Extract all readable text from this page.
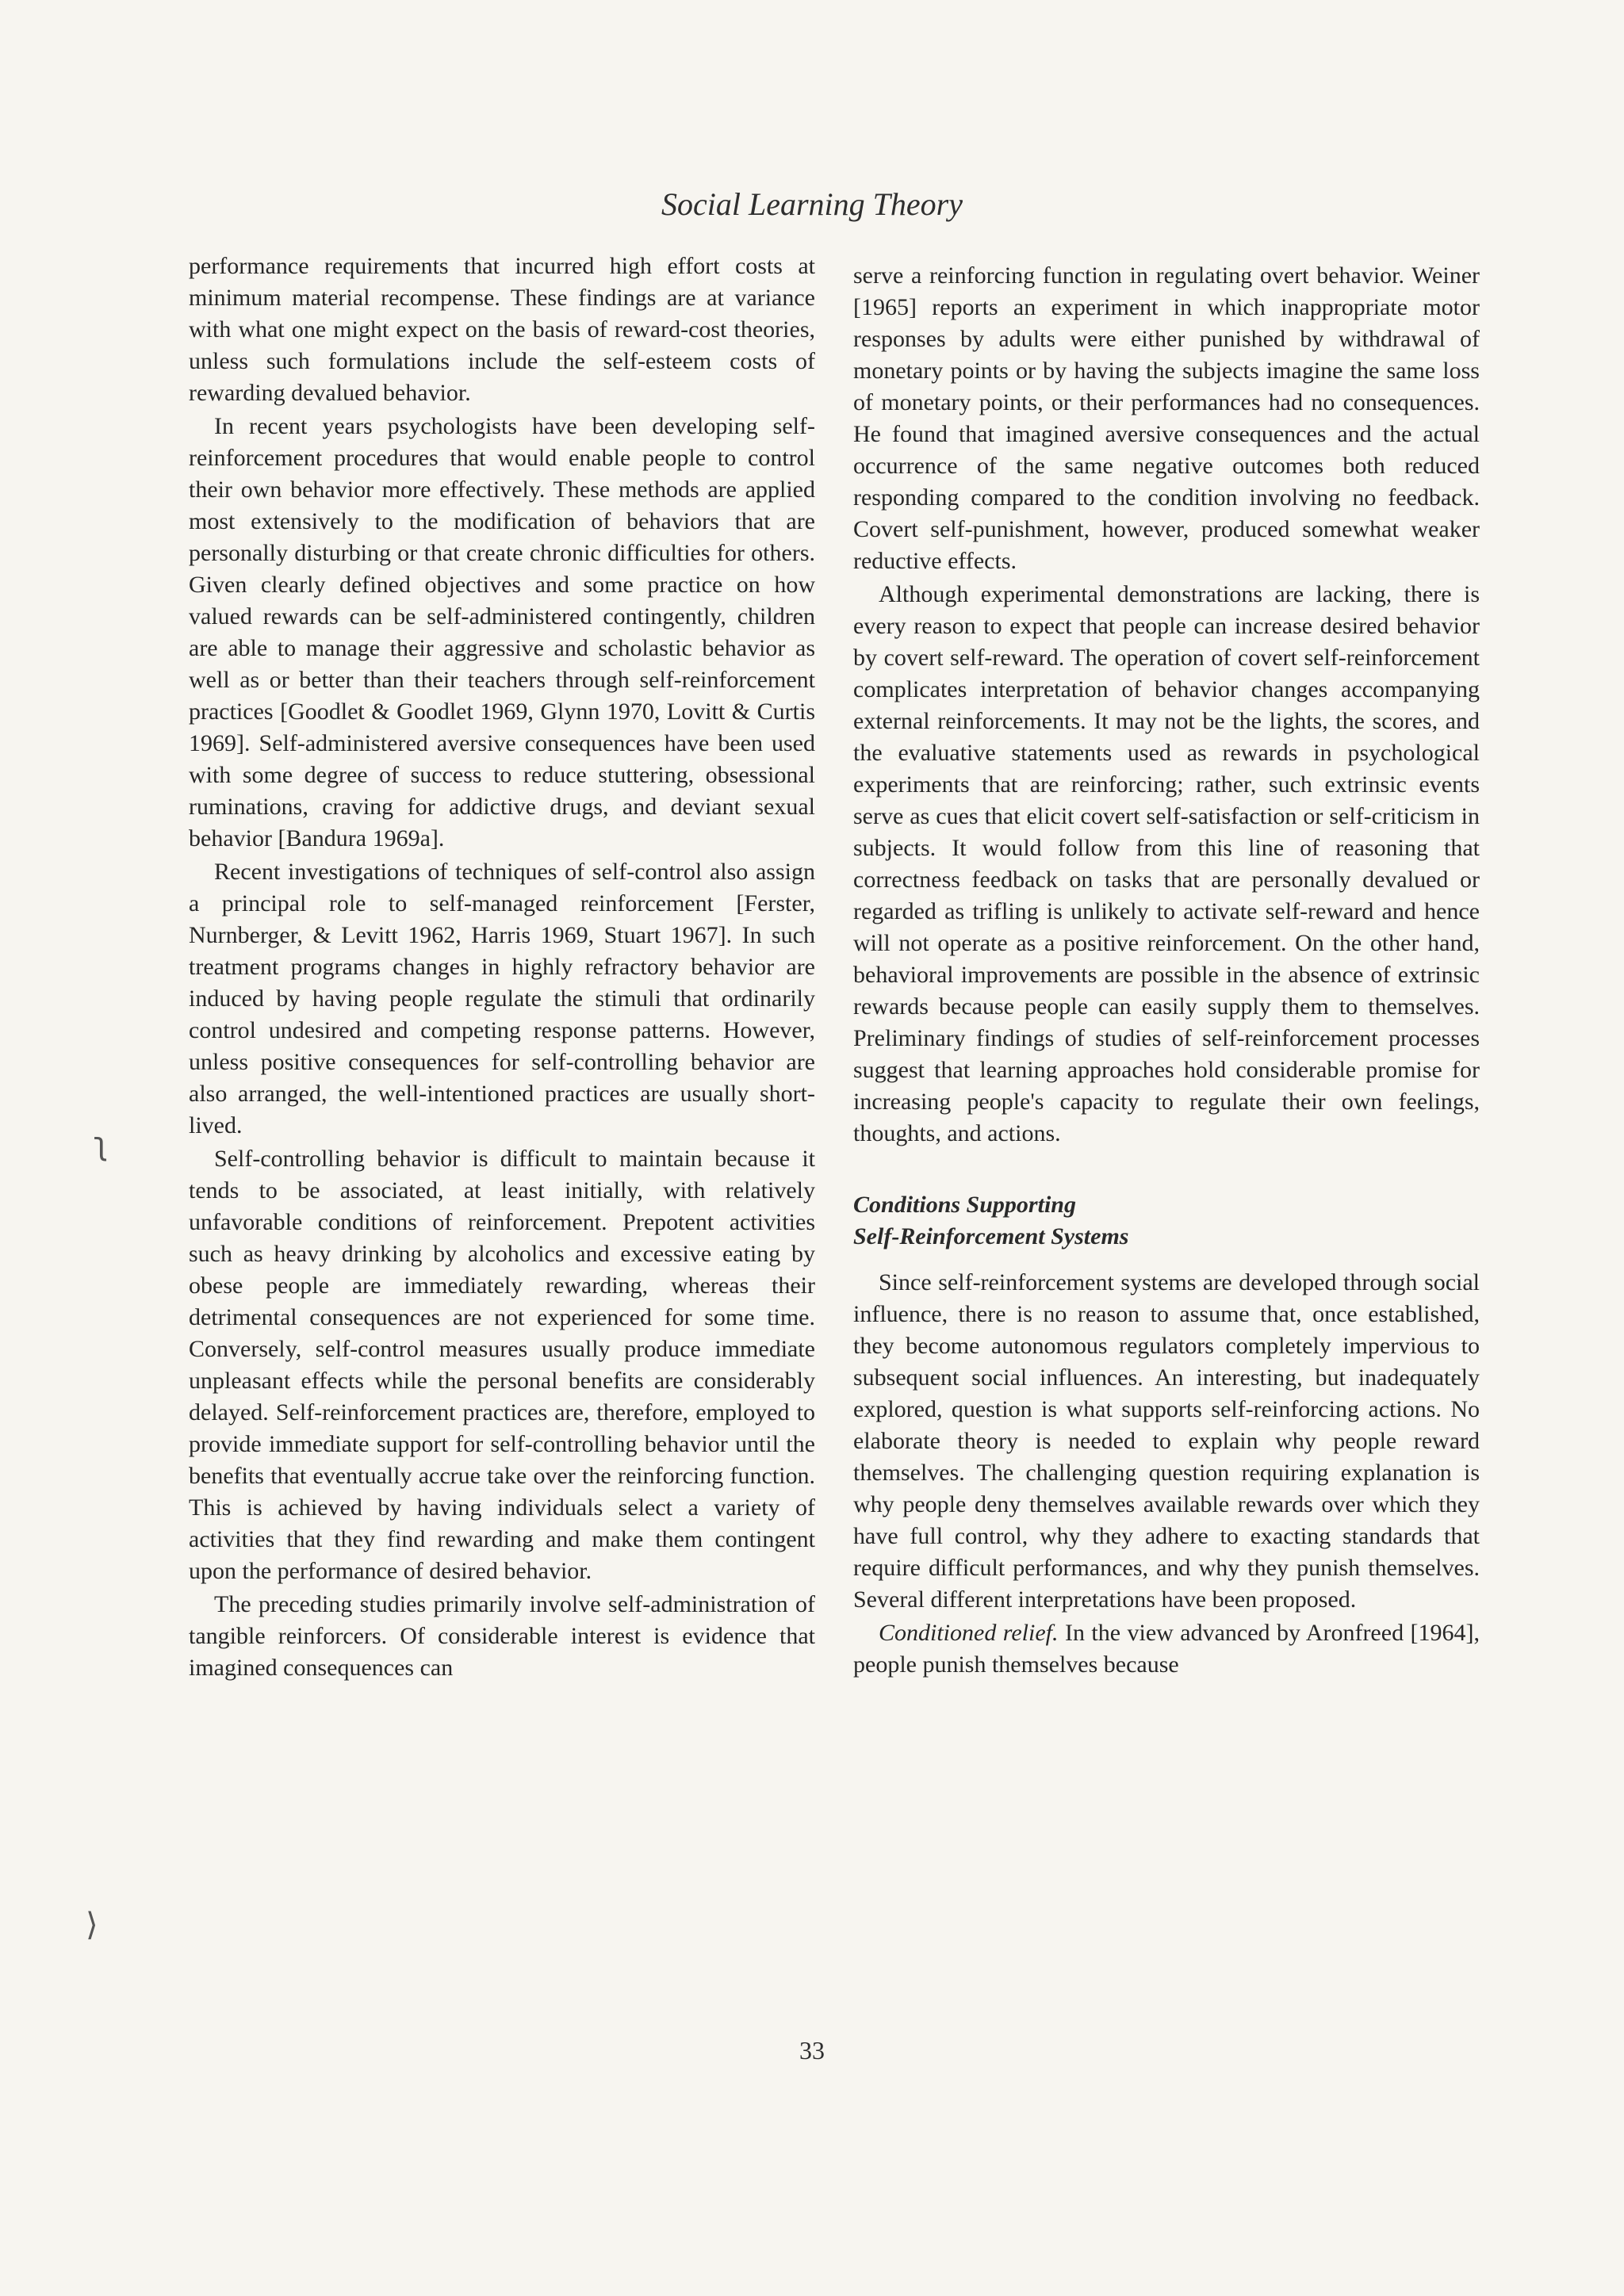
Social Learning Theory

performance requirements that incurred high effort costs at minimum material recompense. These findings are at variance with what one might expect on the basis of reward-cost theories, unless such formulations include the self-esteem costs of rewarding devalued behavior.

In recent years psychologists have been developing self-reinforcement procedures that would enable people to control their own behavior more effectively. These methods are applied most extensively to the modification of behaviors that are personally disturbing or that create chronic difficulties for others. Given clearly defined objectives and some practice on how valued rewards can be self-administered contingently, children are able to manage their aggressive and scholastic behavior as well as or better than their teachers through self-reinforcement practices [Goodlet & Goodlet 1969, Glynn 1970, Lovitt & Curtis 1969]. Self-administered aversive consequences have been used with some degree of success to reduce stuttering, obsessional ruminations, craving for addictive drugs, and deviant sexual behavior [Bandura 1969a].

Recent investigations of techniques of self-control also assign a principal role to self-managed reinforcement [Ferster, Nurnberger, & Levitt 1962, Harris 1969, Stuart 1967]. In such treatment programs changes in highly refractory behavior are induced by having people regulate the stimuli that ordinarily control undesired and competing response patterns. However, unless positive consequences for self-controlling behavior are also arranged, the well-intentioned practices are usually short-lived.

Self-controlling behavior is difficult to maintain because it tends to be associated, at least initially, with relatively unfavorable conditions of reinforcement. Prepotent activities such as heavy drinking by alcoholics and excessive eating by obese people are immediately rewarding, whereas their detrimental consequences are not experienced for some time. Conversely, self-control measures usually produce immediate unpleasant effects while the personal benefits are considerably delayed. Self-reinforcement practices are, therefore, employed to provide immediate support for self-controlling behavior until the benefits that eventually accrue take over the reinforcing function. This is achieved by having individuals select a variety of activities that they find rewarding and make them contingent upon the performance of desired behavior.

The preceding studies primarily involve self-administration of tangible reinforcers. Of considerable interest is evidence that imagined consequences can

serve a reinforcing function in regulating overt behavior. Weiner [1965] reports an experiment in which inappropriate motor responses by adults were either punished by withdrawal of monetary points or by having the subjects imagine the same loss of monetary points, or their performances had no consequences. He found that imagined aversive consequences and the actual occurrence of the same negative outcomes both reduced responding compared to the condition involving no feedback. Covert self-punishment, however, produced somewhat weaker reductive effects.

Although experimental demonstrations are lacking, there is every reason to expect that people can increase desired behavior by covert self-reward. The operation of covert self-reinforcement complicates interpretation of behavior changes accompanying external reinforcements. It may not be the lights, the scores, and the evaluative statements used as rewards in psychological experiments that are reinforcing; rather, such extrinsic events serve as cues that elicit covert self-satisfaction or self-criticism in subjects. It would follow from this line of reasoning that correctness feedback on tasks that are personally devalued or regarded as trifling is unlikely to activate self-reward and hence will not operate as a positive reinforcement. On the other hand, behavioral improvements are possible in the absence of extrinsic rewards because people can easily supply them to themselves. Preliminary findings of studies of self-reinforcement processes suggest that learning approaches hold considerable promise for increasing people's capacity to regulate their own feelings, thoughts, and actions.

Conditions Supporting
Self-Reinforcement Systems

Since self-reinforcement systems are developed through social influence, there is no reason to assume that, once established, they become autonomous regulators completely impervious to subsequent social influences. An interesting, but inadequately explored, question is what supports self-reinforcing actions. No elaborate theory is needed to explain why people reward themselves. The challenging question requiring explanation is why people deny themselves available rewards over which they have full control, why they adhere to exacting standards that require difficult performances, and why they punish themselves. Several different interpretations have been proposed.

Conditioned relief. In the view advanced by Aronfreed [1964], people punish themselves because

ʅ
⟩
33
